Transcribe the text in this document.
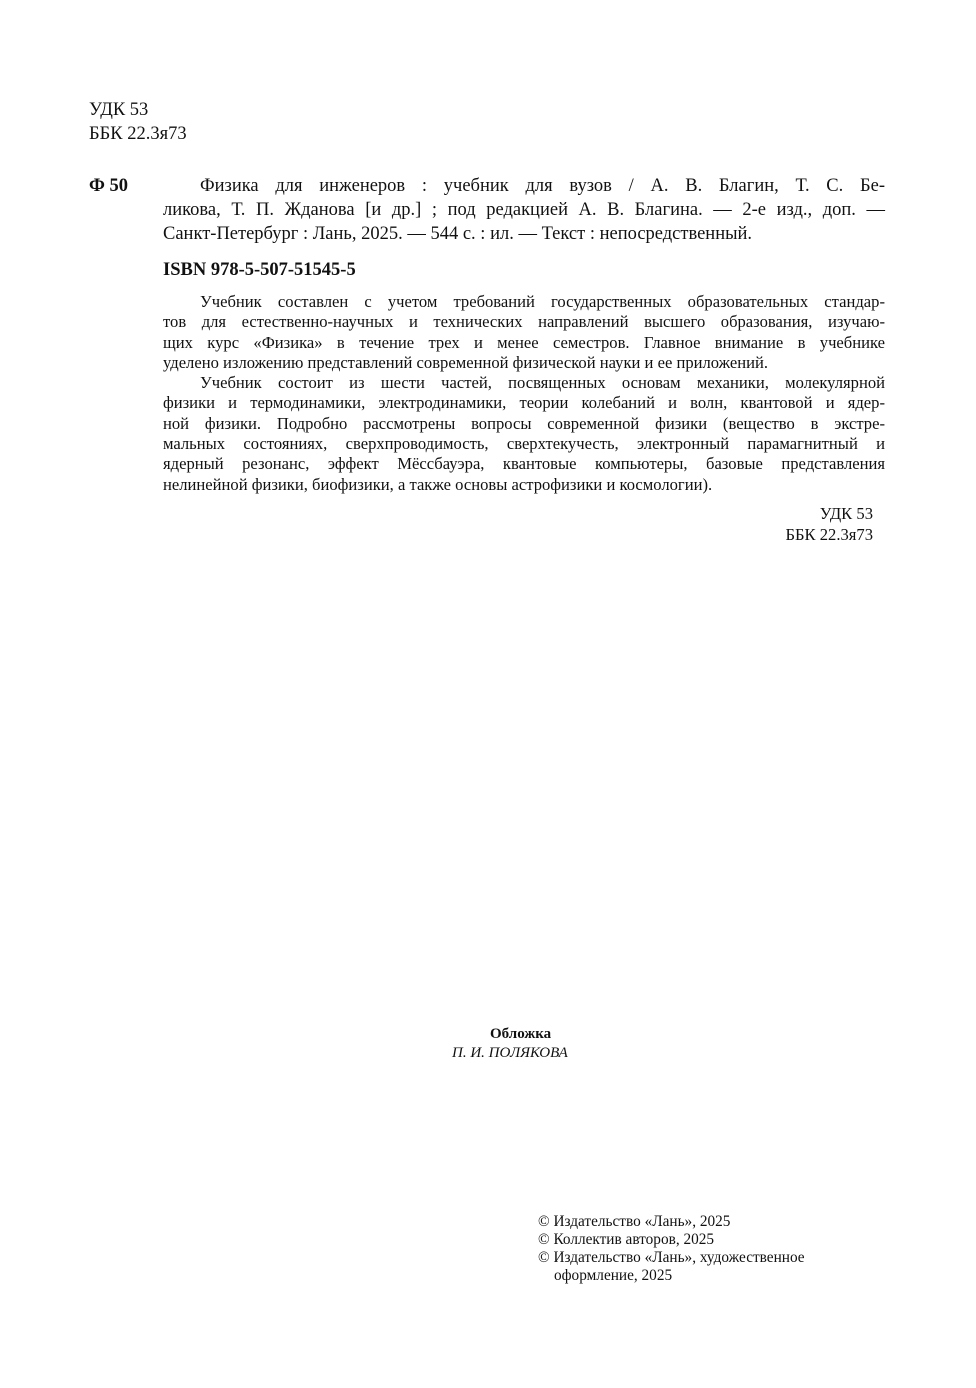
УДК 53
ББК 22.3я73
Ф 50	Физика для инженеров : учебник для вузов / А. В. Благин, Т. С. Бе-
ликова, Т. П. Жданова [и др.] ; под редакцией А. В. Благина. — 2-е изд., доп. —
Санкт-Петербург : Лань, 2025. — 544 с. : ил. — Текст : непосредственный.
ISBN 978-5-507-51545-5
Учебник составлен с учетом требований государственных образовательных стандар-
тов для естественно-научных и технических направлений высшего образования, изучаю-
щих курс «Физика» в течение трех и менее семестров. Главное внимание в учебнике
уделено изложению представлений современной физической науки и ее приложений.
Учебник состоит из шести частей, посвященных основам механики, молекулярной
физики и термодинамики, электродинамики, теории колебаний и волн, квантовой и ядер-
ной физики. Подробно рассмотрены вопросы современной физики (вещество в экстре-
мальных состояниях, сверхпроводимость, сверхтекучесть, электронный парамагнитный и
ядерный резонанс, эффект Мёссбауэра, квантовые компьютеры, базовые представления
нелинейной физики, биофизики, а также основы астрофизики и космологии).
УДК 53
ББК 22.3я73
Обложка
П. И. ПОЛЯКОВА
© Издательство «Лань», 2025
© Коллектив авторов, 2025
© Издательство «Лань», художественное
оформление, 2025
